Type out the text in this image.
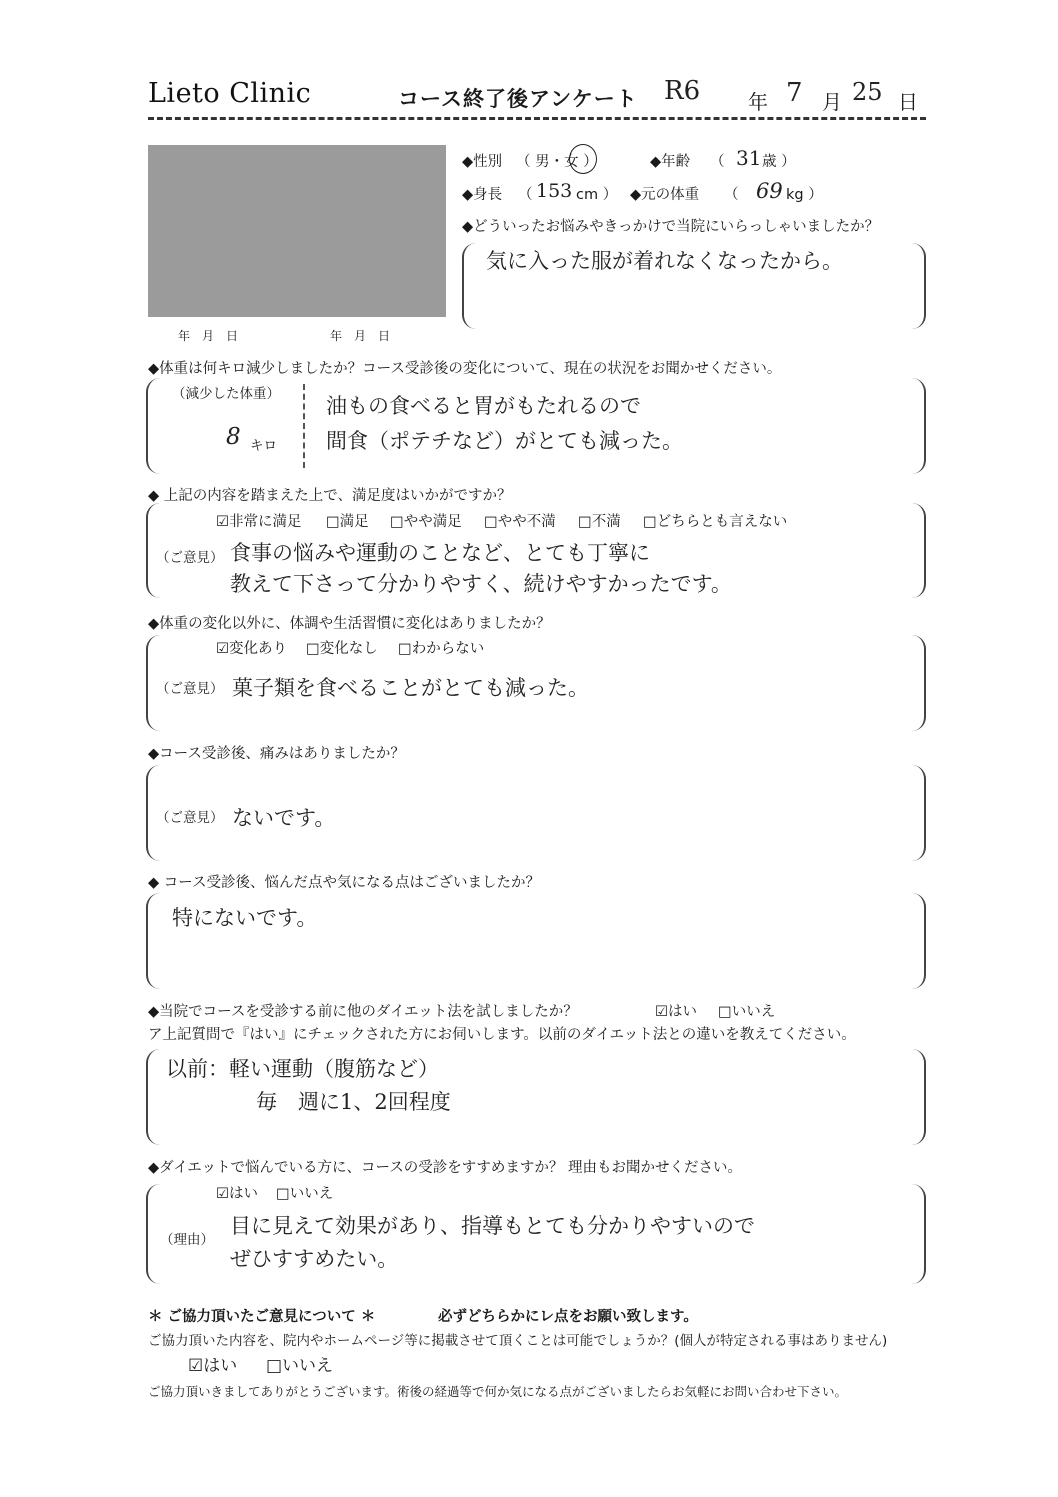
Lieto Clinic	コース終了後アンケート R6 年 7 月 25 日
年　月　日	年　月　日
◆性別 （ 男・女 ）	◆年齢 （ 31 歳 ）
◆身長 （ 153 cm ） ◆元の体重 （ 69 kg ）
◆どういったお悩みやきっかけで当院にいらっしゃいましたか？
気に入った服が着れなくなったから。
◆体重は何キロ減少しましたか？コース受診後の変化について、現在の状況をお聞かせください。
（減少した体重）
8 キロ
油もの食べると胃がもたれるので
間食（ポテチなど）がとても減った。
◆ 上記の内容を踏まえた上で、満足度はいかがですか？
☑非常に満足 □満足 □やや満足 □やや不満 □不満 □どちらとも言えない
（ご意見） 食事の悩みや運動のことなど、とても丁寧に
教えて下さって分かりやすく、続けやすかったです。
◆体重の変化以外に、体調や生活習慣に変化はありましたか？
☑変化あり □変化なし □わからない
（ご意見） 菓子類を食べることがとても減った。
◆コース受診後、痛みはありましたか？
（ご意見） ないです。
◆ コース受診後、悩んだ点や気になる点はございましたか？
特にないです。
◆当院でコースを受診する前に他のダイエット法を試しましたか？	☑はい □いいえ
ア上記質問で『はい』にチェックされた方にお伺いします。以前のダイエット法との違いを教えてください。
以前：軽い運動（腹筋など）
毎　週に1、2回程度
◆ダイエットで悩んでいる方に、コースの受診をすすめますか？ 理由もお聞かせください。
☑はい □いいえ
（理由）
目に見えて効果があり、指導もとても分かりやすいので
ぜひすすめたい。
＊ ご協力頂いたご意見について ＊	必ずどちらかにレ点をお願い致します。
ご協力頂いた内容を、院内やホームページ等に掲載させて頂くことは可能でしょうか？(個人が特定される事はありません)
☑はい □いいえ
ご協力頂いきましてありがとうございます。術後の経過等で何か気になる点がございましたらお気軽にお問い合わせ下さい。
